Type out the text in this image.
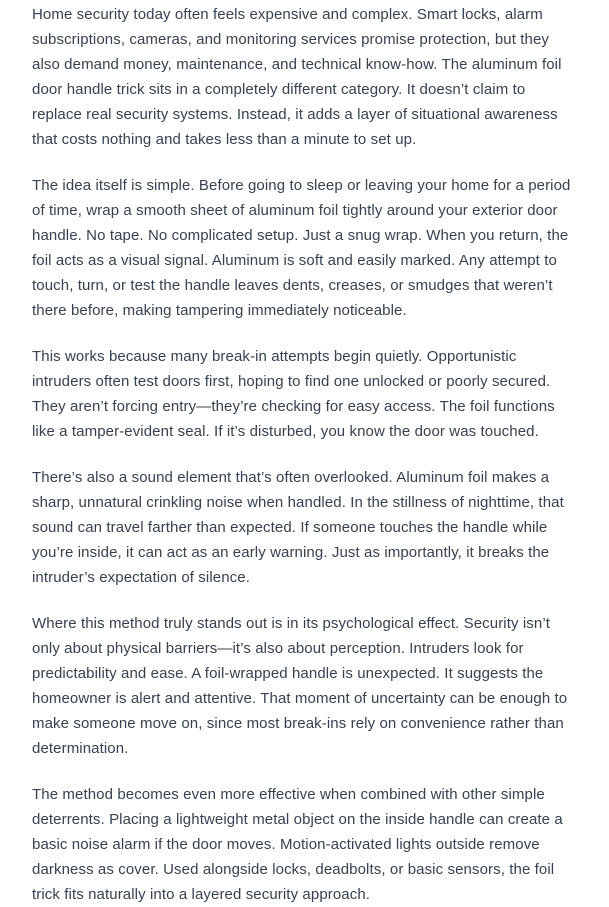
Home security today often feels expensive and complex. Smart locks, alarm subscriptions, cameras, and monitoring services promise protection, but they also demand money, maintenance, and technical know-how. The aluminum foil door handle trick sits in a completely different category. It doesn’t claim to replace real security systems. Instead, it adds a layer of situational awareness that costs nothing and takes less than a minute to set up.

The idea itself is simple. Before going to sleep or leaving your home for a period of time, wrap a smooth sheet of aluminum foil tightly around your exterior door handle. No tape. No complicated setup. Just a snug wrap. When you return, the foil acts as a visual signal. Aluminum is soft and easily marked. Any attempt to touch, turn, or test the handle leaves dents, creases, or smudges that weren’t there before, making tampering immediately noticeable.

This works because many break-in attempts begin quietly. Opportunistic intruders often test doors first, hoping to find one unlocked or poorly secured. They aren’t forcing entry—they’re checking for easy access. The foil functions like a tamper-evident seal. If it’s disturbed, you know the door was touched.

There’s also a sound element that’s often overlooked. Aluminum foil makes a sharp, unnatural crinkling noise when handled. In the stillness of nighttime, that sound can travel farther than expected. If someone touches the handle while you’re inside, it can act as an early warning. Just as importantly, it breaks the intruder’s expectation of silence.

Where this method truly stands out is in its psychological effect. Security isn’t only about physical barriers—it’s also about perception. Intruders look for predictability and ease. A foil-wrapped handle is unexpected. It suggests the homeowner is alert and attentive. That moment of uncertainty can be enough to make someone move on, since most break-ins rely on convenience rather than determination.

The method becomes even more effective when combined with other simple deterrents. Placing a lightweight metal object on the inside handle can create a basic noise alarm if the door moves. Motion-activated lights outside remove darkness as cover. Used alongside locks, deadbolts, or basic sensors, the foil trick fits naturally into a layered security approach.
